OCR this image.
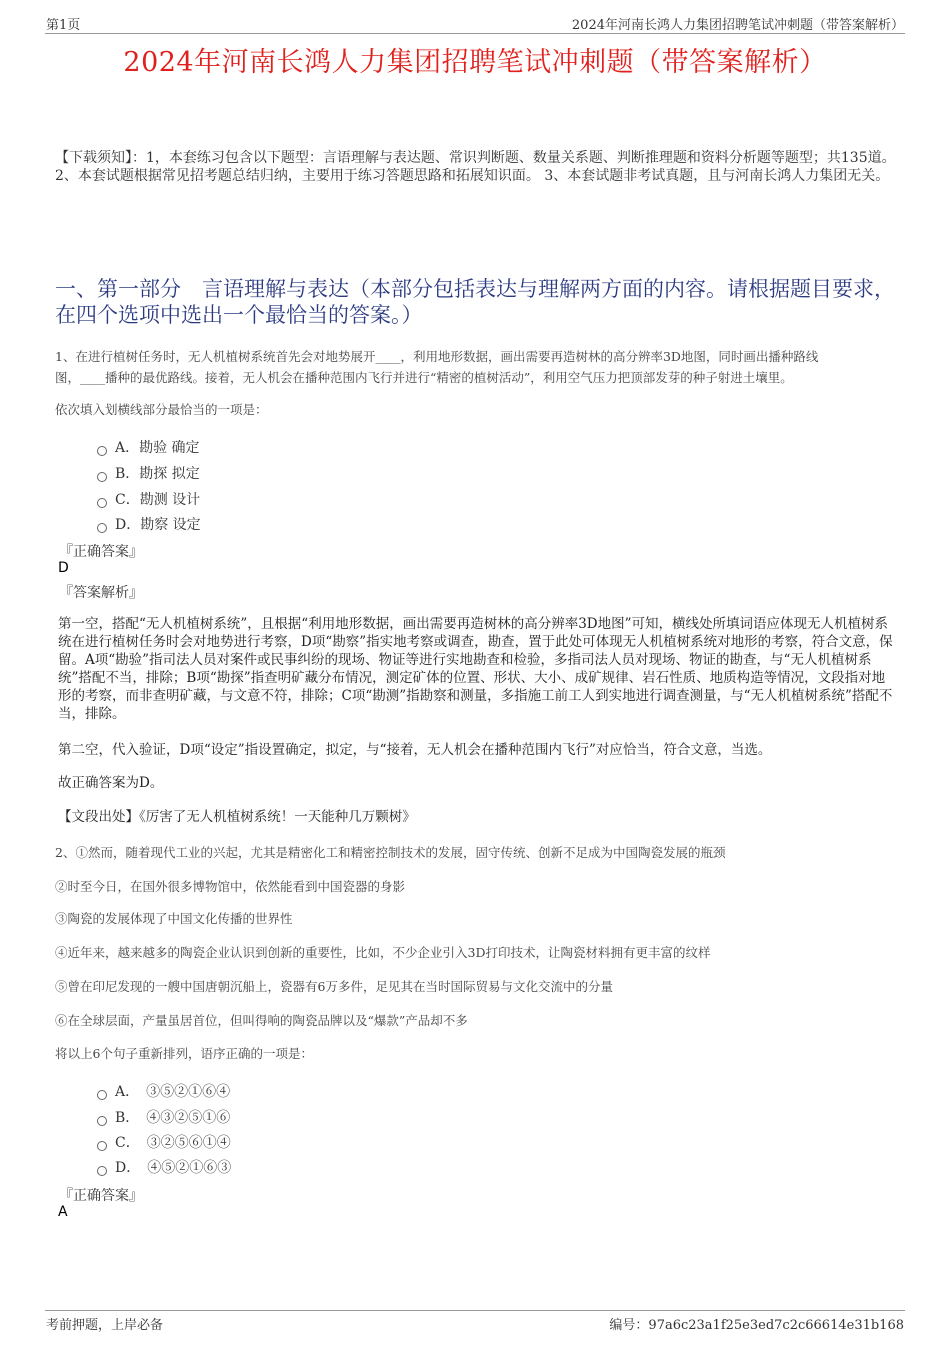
第1页	2024年河南长鸿人力集团招聘笔试冲刺题（带答案解析）
2024年河南长鸿人力集团招聘笔试冲刺题（带答案解析）
【下载须知】：1，本套练习包含以下题型：言语理解与表达题、常识判断题、数量关系题、判断推理题和资料分析题等题型；共135道。 2、本套试题根据常见招考题总结归纳，主要用于练习答题思路和拓展知识面。 3、本套试题非考试真题，且与河南长鸿人力集团无关。
一、第一部分　言语理解与表达（本部分包括表达与理解两方面的内容。请根据题目要求，在四个选项中选出一个最恰当的答案。）
1、在进行植树任务时，无人机植树系统首先会对地势展开____，利用地形数据，画出需要再造树林的高分辨率3D地图，同时画出播种路线
图，____播种的最优路线。接着，无人机会在播种范围内飞行并进行“精密的植树活动”，利用空气压力把顶部发芽的种子射进土壤里。
依次填入划横线部分最恰当的一项是：
A．勘验 确定
B．勘探 拟定
C．勘测 设计
D．勘察 设定
『正确答案』
D
『答案解析』
第一空，搭配“无人机植树系统”，且根据“利用地形数据，画出需要再造树林的高分辨率3D地图”可知，横线处所填词语应体现无人机植树系统在进行植树任务时会对地势进行考察，D项“勘察”指实地考察或调查，勘查，置于此处可体现无人机植树系统对地形的考察，符合文意，保留。A项“勘验”指司法人员对案件或民事纠纷的现场、物证等进行实地勘查和检验，多指司法人员对现场、物证的勘查，与“无人机植树系统”搭配不当，排除；B项“勘探”指查明矿藏分布情况，测定矿体的位置、形状、大小、成矿规律、岩石性质、地质构造等情况，文段指对地形的考察，而非查明矿藏，与文意不符，排除；C项“勘测”指勘察和测量，多指施工前工人到实地进行调查测量，与“无人机植树系统”搭配不当，排除。
第二空，代入验证，D项“设定”指设置确定，拟定，与“接着，无人机会在播种范围内飞行”对应恰当，符合文意，当选。
故正确答案为D。
【文段出处】《厉害了无人机植树系统！一天能种几万颗树》
2、①然而，随着现代工业的兴起，尤其是精密化工和精密控制技术的发展，固守传统、创新不足成为中国陶瓷发展的瓶颈
②时至今日，在国外很多博物馆中，依然能看到中国瓷器的身影
③陶瓷的发展体现了中国文化传播的世界性
④近年来，越来越多的陶瓷企业认识到创新的重要性，比如，不少企业引入3D打印技术，让陶瓷材料拥有更丰富的纹样
⑤曾在印尼发现的一艘中国唐朝沉船上，瓷器有6万多件，足见其在当时国际贸易与文化交流中的分量
⑥在全球层面，产量虽居首位，但叫得响的陶瓷品牌以及“爆款”产品却不多
将以上6个句子重新排列，语序正确的一项是：
A．　③⑤②①⑥④
B．　④③②⑤①⑥
C．　③②⑤⑥①④
D．　④⑤②①⑥③
『正确答案』
A
考前押题，上岸必备	编号：97a6c23a1f25e3ed7c2c66614e31b168
